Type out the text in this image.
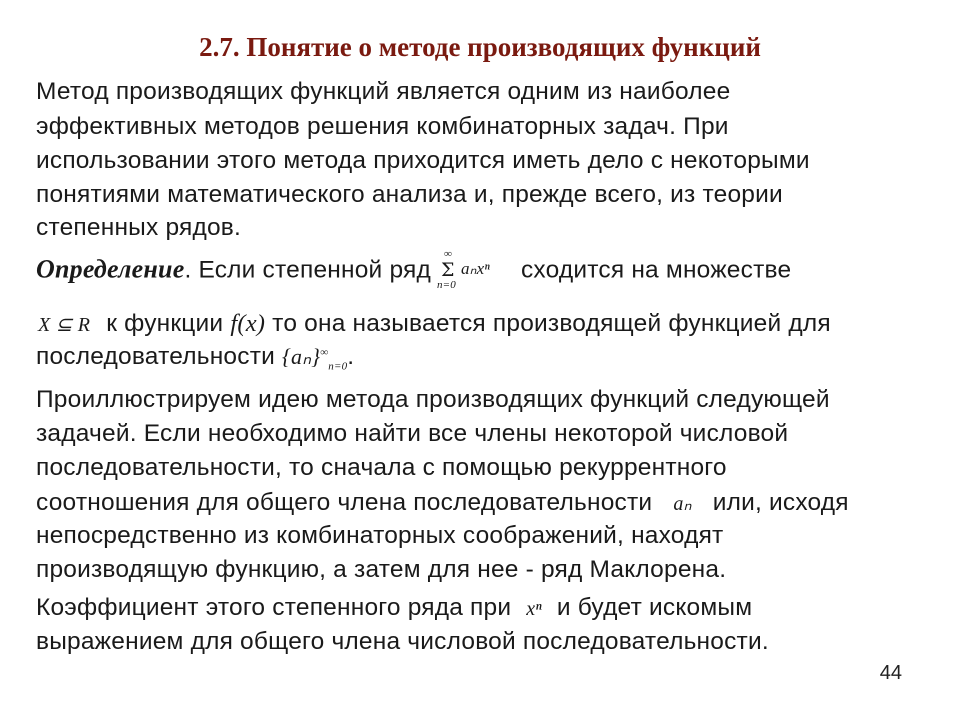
2.7. Понятие о методе производящих функций
Метод производящих функций является одним из наиболее
эффективных методов решения комбинаторных задач. При
использовании этого метода приходится иметь дело с некоторыми
понятиями математического анализа и, прежде всего, из теории
степенных рядов.
Определение. Если степенной ряд
∞
Σ
n=0
aₙxⁿ сходится на множестве
X ⊆ R к функции f(x) то она называется производящей функцией для
последовательности $\{a_n\}^\infty_{n=0}$.
Проиллюстрируем идею метода производящих функций следующей
задачей. Если необходимо найти все члены некоторой числовой
последовательности, то сначала с помощью рекуррентного
соотношения для общего члена последовательности aₙ или, исходя
непосредственно из комбинаторных соображений, находят
производящую функцию, а затем для нее - ряд Маклорена.
Коэффициент этого степенного ряда при xⁿ и будет искомым
выражением для общего члена числовой последовательности.
44
